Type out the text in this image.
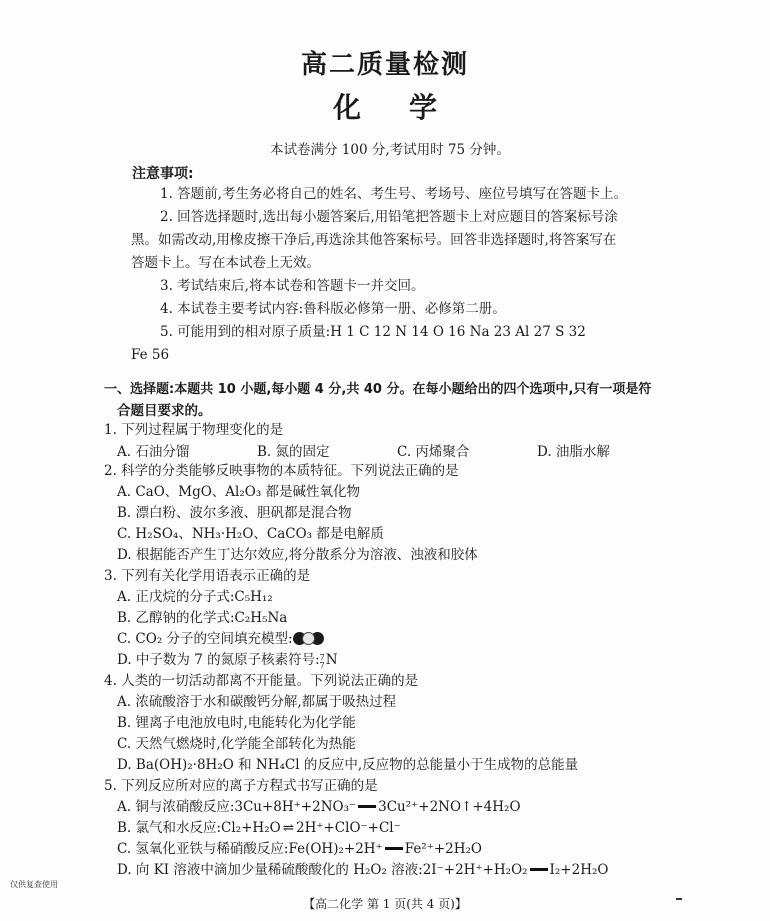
高二质量检测
化 学
本试卷满分 100 分,考试用时 75 分钟。
注意事项:
1. 答题前,考生务必将自己的姓名、考生号、考场号、座位号填写在答题卡上。
2. 回答选择题时,选出每小题答案后,用铅笔把答题卡上对应题目的答案标号涂
黑。如需改动,用橡皮擦干净后,再选涂其他答案标号。回答非选择题时,将答案写在
答题卡上。写在本试卷上无效。
3. 考试结束后,将本试卷和答题卡一并交回。
4. 本试卷主要考试内容:鲁科版必修第一册、必修第二册。
5. 可能用到的相对原子质量:H 1 C 12 N 14 O 16 Na 23 Al 27 S 32
Fe 56
一、选择题:本题共 10 小题,每小题 4 分,共 40 分。在每小题给出的四个选项中,只有一项是符
合题目要求的。
1. 下列过程属于物理变化的是
A. 石油分馏	B. 氮的固定	C. 丙烯聚合	D. 油脂水解
2. 科学的分类能够反映事物的本质特征。下列说法正确的是
A. CaO、MgO、Al₂O₃ 都是碱性氧化物
B. 漂白粉、波尔多液、胆矾都是混合物
C. H₂SO₄、NH₃·H₂O、CaCO₃ 都是电解质
D. 根据能否产生丁达尔效应,将分散系分为溶液、浊液和胶体
3. 下列有关化学用语表示正确的是
A. 正戊烷的分子式:C₅H₁₂
B. 乙醇钠的化学式:C₂H₅Na
C. CO₂ 分子的空间填充模型:
D. 中子数为 7 的氮原子核素符号:7
7N
4. 人类的一切活动都离不开能量。下列说法正确的是
A. 浓硫酸溶于水和碳酸钙分解,都属于吸热过程
B. 锂离子电池放电时,电能转化为化学能
C. 天然气燃烧时,化学能全部转化为热能
D. Ba(OH)₂·8H₂O 和 NH₄Cl 的反应中,反应物的总能量小于生成物的总能量
5. 下列反应所对应的离子方程式书写正确的是
A. 铜与浓硝酸反应:3Cu+8H⁺+2NO₃⁻ 3Cu²⁺+2NO↑+4H₂O
B. 氯气和水反应:Cl₂+H₂O ⇌ 2H⁺+ClO⁻+Cl⁻
C. 氢氧化亚铁与稀硝酸反应:Fe(OH)₂+2H⁺ Fe²⁺+2H₂O
D. 向 KI 溶液中滴加少量稀硫酸酸化的 H₂O₂ 溶液:2I⁻+2H⁺+H₂O₂ I₂+2H₂O
仅供复查使用
【高二化学 第 1 页(共 4 页)】
